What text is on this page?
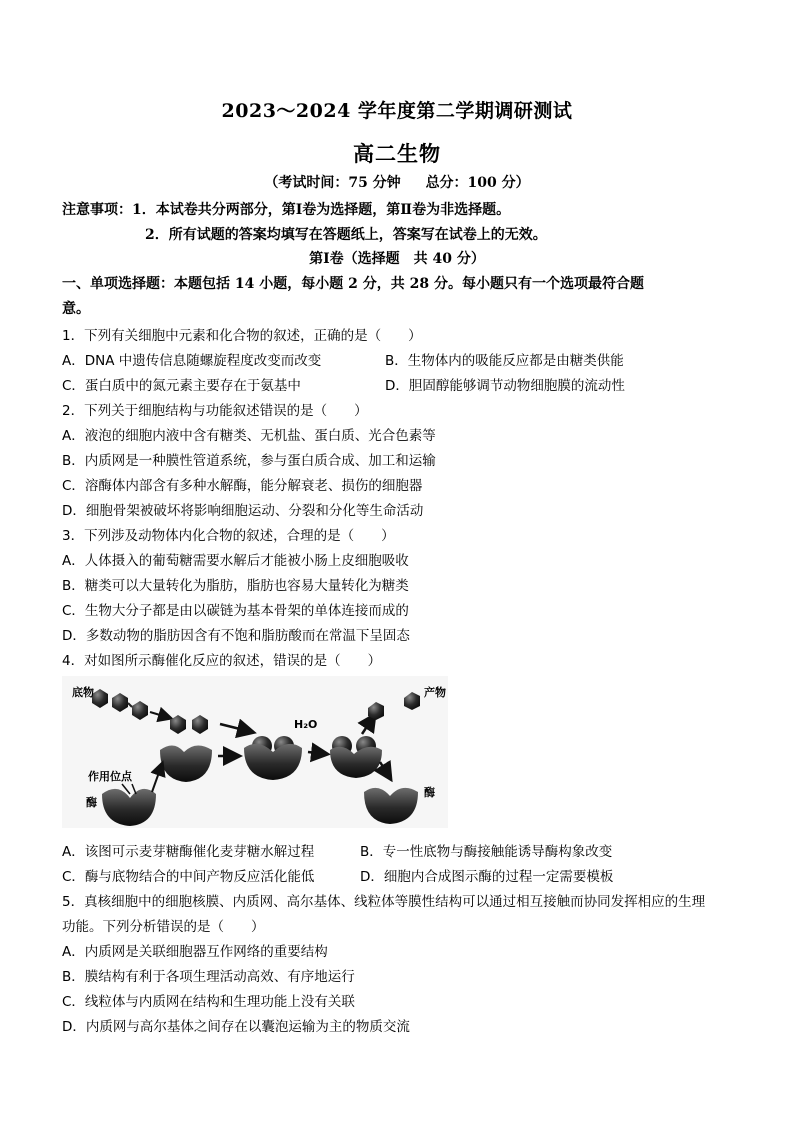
2023～2024 学年度第二学期调研测试
高二生物
（考试时间：75 分钟 总分：100 分）
注意事项：1．本试卷共分两部分，第Ⅰ卷为选择题，第Ⅱ卷为非选择题。
2．所有试题的答案均填写在答题纸上，答案写在试卷上的无效。
第Ⅰ卷（选择题　共 40 分）
一、单项选择题：本题包括 14 小题，每小题 2 分，共 28 分。每小题只有一个选项最符合题
意。
1．下列有关细胞中元素和化合物的叙述，正确的是（　　）
A．DNA 中遗传信息随螺旋程度改变而改变	B．生物体内的吸能反应都是由糖类供能
C．蛋白质中的氮元素主要存在于氨基中	D．胆固醇能够调节动物细胞膜的流动性
2．下列关于细胞结构与功能叙述错误的是（　　）
A．液泡的细胞内液中含有糖类、无机盐、蛋白质、光合色素等
B．内质网是一种膜性管道系统，参与蛋白质合成、加工和运输
C．溶酶体内部含有多种水解酶，能分解衰老、损伤的细胞器
D．细胞骨架被破坏将影响细胞运动、分裂和分化等生命活动
3．下列涉及动物体内化合物的叙述，合理的是（　　）
A．人体摄入的葡萄糖需要水解后才能被小肠上皮细胞吸收
B．糖类可以大量转化为脂肪，脂肪也容易大量转化为糖类
C．生物大分子都是由以碳链为基本骨架的单体连接而成的
D．多数动物的脂肪因含有不饱和脂肪酸而在常温下呈固态
4．对如图所示酶催化反应的叙述，错误的是（　　）
底物
H₂O
产物
酶
作用位点
酶
A．该图可示麦芽糖酶催化麦芽糖水解过程	B．专一性底物与酶接触能诱导酶构象改变
C．酶与底物结合的中间产物反应活化能低	D．细胞内合成图示酶的过程一定需要模板
5．真核细胞中的细胞核膜、内质网、高尔基体、线粒体等膜性结构可以通过相互接触而协同发挥相应的生理
功能。下列分析错误的是（　　）
A．内质网是关联细胞器互作网络的重要结构
B．膜结构有利于各项生理活动高效、有序地运行
C．线粒体与内质网在结构和生理功能上没有关联
D．内质网与高尔基体之间存在以囊泡运输为主的物质交流
